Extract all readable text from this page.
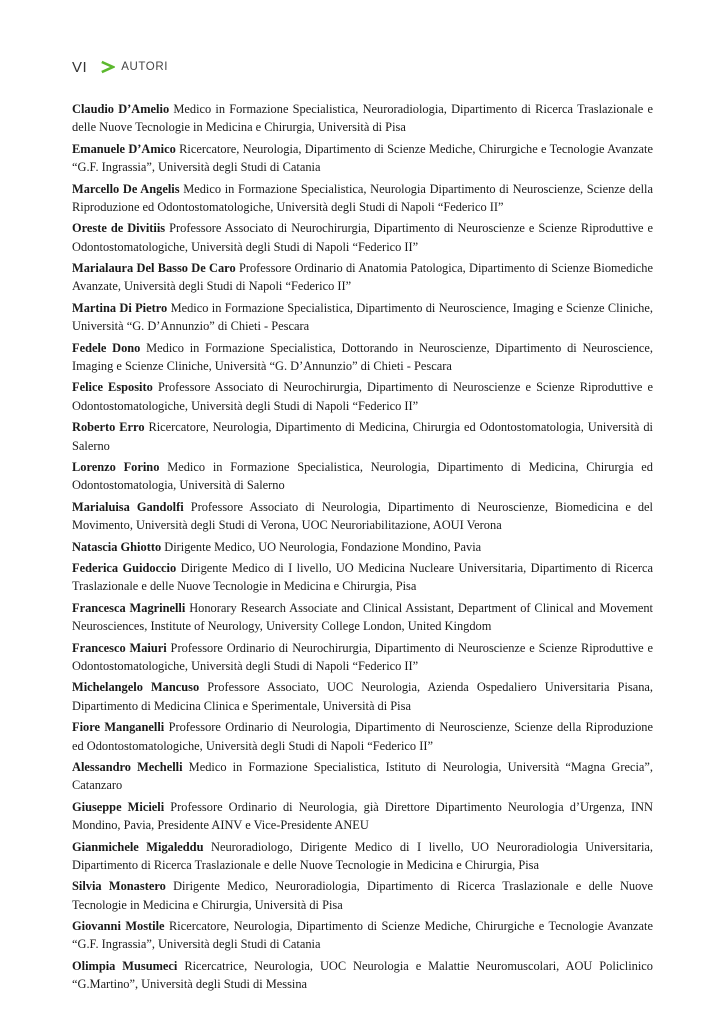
VI	AUTORI

Claudio D’Amelio Medico in Formazione Specialistica, Neuroradiologia, Dipartimento di Ricerca Traslazionale e delle Nuove Tecnologie in Medicina e Chirurgia, Università di Pisa

Emanuele D’Amico Ricercatore, Neurologia, Dipartimento di Scienze Mediche, Chirurgiche e Tecnologie Avanzate “G.F. Ingrassia”, Università degli Studi di Catania

Marcello De Angelis Medico in Formazione Specialistica, Neurologia Dipartimento di Neuroscienze, Scienze della Riproduzione ed Odontostomatologiche, Università degli Studi di Napoli “Federico II”

Oreste de Divitiis Professore Associato di Neurochirurgia, Dipartimento di Neuroscienze e Scienze Riproduttive e Odontostomatologiche, Università degli Studi di Napoli “Federico II”

Marialaura Del Basso De Caro Professore Ordinario di Anatomia Patologica, Dipartimento di Scienze Biomediche Avanzate, Università degli Studi di Napoli “Federico II”

Martina Di Pietro Medico in Formazione Specialistica, Dipartimento di Neuroscience, Imaging e Scienze Cliniche, Università “G. D’Annunzio” di Chieti - Pescara

Fedele Dono Medico in Formazione Specialistica, Dottorando in Neuroscienze, Dipartimento di Neuroscience, Imaging e Scienze Cliniche, Università “G. D’Annunzio” di Chieti - Pescara

Felice Esposito Professore Associato di Neurochirurgia, Dipartimento di Neuroscienze e Scienze Riproduttive e Odontostomatologiche, Università degli Studi di Napoli “Federico II”

Roberto Erro Ricercatore, Neurologia, Dipartimento di Medicina, Chirurgia ed Odontostomatologia, Università di Salerno

Lorenzo Forino Medico in Formazione Specialistica, Neurologia, Dipartimento di Medicina, Chirurgia ed Odontostomatologia, Università di Salerno

Marialuisa Gandolfi Professore Associato di Neurologia, Dipartimento di Neuroscienze, Biomedicina e del Movimento, Università degli Studi di Verona, UOC Neuroriabilitazione, AOUI Verona

Natascia Ghiotto Dirigente Medico, UO Neurologia, Fondazione Mondino, Pavia

Federica Guidoccio Dirigente Medico di I livello, UO Medicina Nucleare Universitaria, Dipartimento di Ricerca Traslazionale e delle Nuove Tecnologie in Medicina e Chirurgia, Pisa

Francesca Magrinelli Honorary Research Associate and Clinical Assistant, Department of Clinical and Movement Neurosciences, Institute of Neurology, University College London, United Kingdom

Francesco Maiuri Professore Ordinario di Neurochirurgia, Dipartimento di Neuroscienze e Scienze Riproduttive e Odontostomatologiche, Università degli Studi di Napoli “Federico II”

Michelangelo Mancuso Professore Associato, UOC Neurologia, Azienda Ospedaliero Universitaria Pisana, Dipartimento di Medicina Clinica e Sperimentale, Università di Pisa

Fiore Manganelli Professore Ordinario di Neurologia, Dipartimento di Neuroscienze, Scienze della Riproduzione ed Odontostomatologiche, Università degli Studi di Napoli “Federico II”

Alessandro Mechelli Medico in Formazione Specialistica, Istituto di Neurologia, Università “Magna Grecia”, Catanzaro

Giuseppe Micieli Professore Ordinario di Neurologia, già Direttore Dipartimento Neurologia d’Urgenza, INN Mondino, Pavia, Presidente AINV e Vice-Presidente ANEU

Gianmichele Migaleddu Neuroradiologo, Dirigente Medico di I livello, UO Neuroradiologia Universitaria, Dipartimento di Ricerca Traslazionale e delle Nuove Tecnologie in Medicina e Chirurgia, Pisa

Silvia Monastero Dirigente Medico, Neuroradiologia, Dipartimento di Ricerca Traslazionale e delle Nuove Tecnologie in Medicina e Chirurgia, Università di Pisa

Giovanni Mostile Ricercatore, Neurologia, Dipartimento di Scienze Mediche, Chirurgiche e Tecnologie Avanzate “G.F. Ingrassia”, Università degli Studi di Catania

Olimpia Musumeci Ricercatrice, Neurologia, UOC Neurologia e Malattie Neuromuscolari, AOU Policlinico “G.Martino”, Università degli Studi di Messina
